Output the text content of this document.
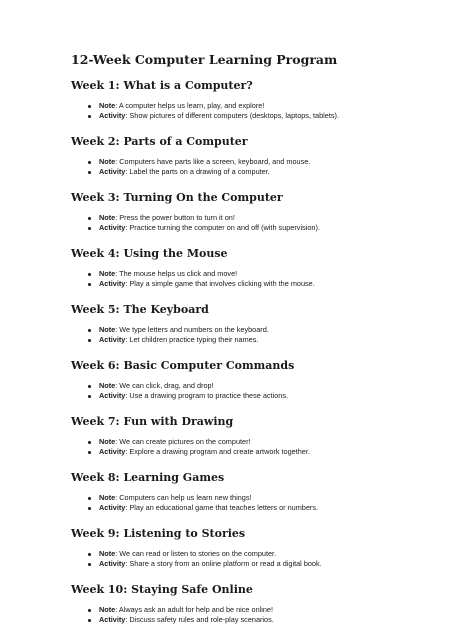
12-Week Computer Learning Program
Week 1: What is a Computer?
Note: A computer helps us learn, play, and explore!
Activity: Show pictures of different computers (desktops, laptops, tablets).
Week 2: Parts of a Computer
Note: Computers have parts like a screen, keyboard, and mouse.
Activity: Label the parts on a drawing of a computer.
Week 3: Turning On the Computer
Note: Press the power button to turn it on!
Activity: Practice turning the computer on and off (with supervision).
Week 4: Using the Mouse
Note: The mouse helps us click and move!
Activity: Play a simple game that involves clicking with the mouse.
Week 5: The Keyboard
Note: We type letters and numbers on the keyboard.
Activity: Let children practice typing their names.
Week 6: Basic Computer Commands
Note: We can click, drag, and drop!
Activity: Use a drawing program to practice these actions.
Week 7: Fun with Drawing
Note: We can create pictures on the computer!
Activity: Explore a drawing program and create artwork together.
Week 8: Learning Games
Note: Computers can help us learn new things!
Activity: Play an educational game that teaches letters or numbers.
Week 9: Listening to Stories
Note: We can read or listen to stories on the computer.
Activity: Share a story from an online platform or read a digital book.
Week 10: Staying Safe Online
Note: Always ask an adult for help and be nice online!
Activity: Discuss safety rules and role-play scenarios.
